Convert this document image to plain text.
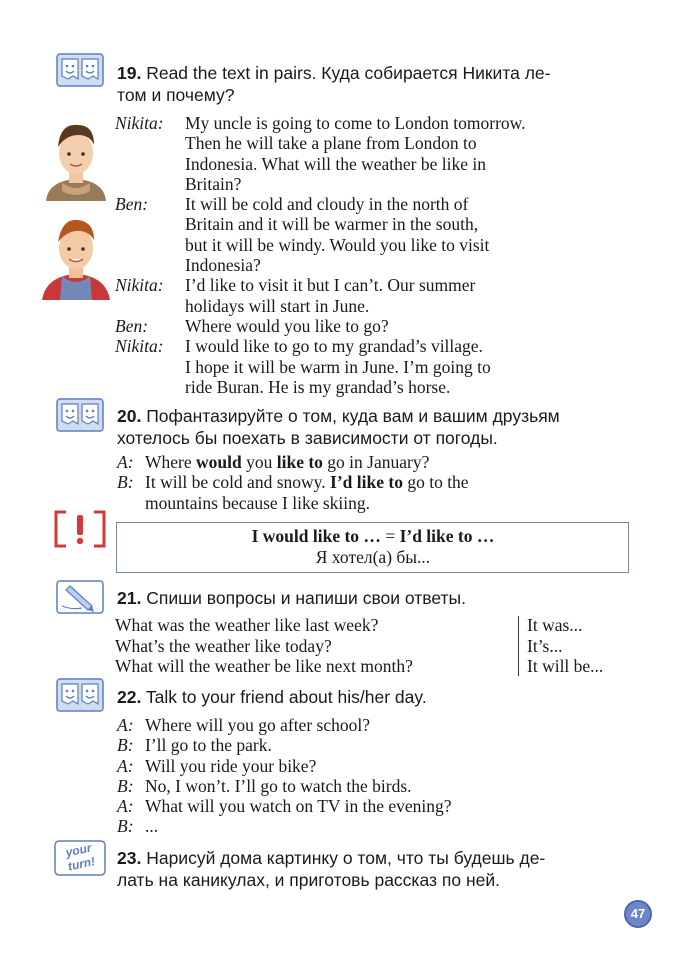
19. Read the text in pairs. Куда собирается Никита ле-
том и почему?
Nikita: My uncle is going to come to London tomorrow.
Then he will take a plane from London to
Indonesia. What will the weather be like in
Britain?
Ben: It will be cold and cloudy in the north of
Britain and it will be warmer in the south,
but it will be windy. Would you like to visit
Indonesia?
Nikita: I’d like to visit it but I can’t. Our summer
holidays will start in June.
Ben: Where would you like to go?
Nikita: I would like to go to my grandad’s village.
I hope it will be warm in June. I’m going to
ride Buran. He is my grandad’s horse.
20. Пофантазируйте о том, куда вам и вашим друзьям
хотелось бы поехать в зависимости от погоды.
A: Where would you like to go in January?
B: It will be cold and snowy. I’d like to go to the
mountains because I like skiing.
I would like to … = I’d like to …
Я хотел(а) бы...
21. Спиши вопросы и напиши свои ответы.
What was the weather like last week?
What’s the weather like today?
What will the weather be like next month?
It was...
It’s...
It will be...
22. Talk to your friend about his/her day.
A: Where will you go after school?
B: I’ll go to the park.
A: Will you ride your bike?
B: No, I won’t. I’ll go to watch the birds.
A: What will you watch on TV in the evening?
B: ...
your
turn!	23. Нарисуй дома картинку о том, что ты будешь де-
лать на каникулах, и приготовь рассказ по ней.
47
